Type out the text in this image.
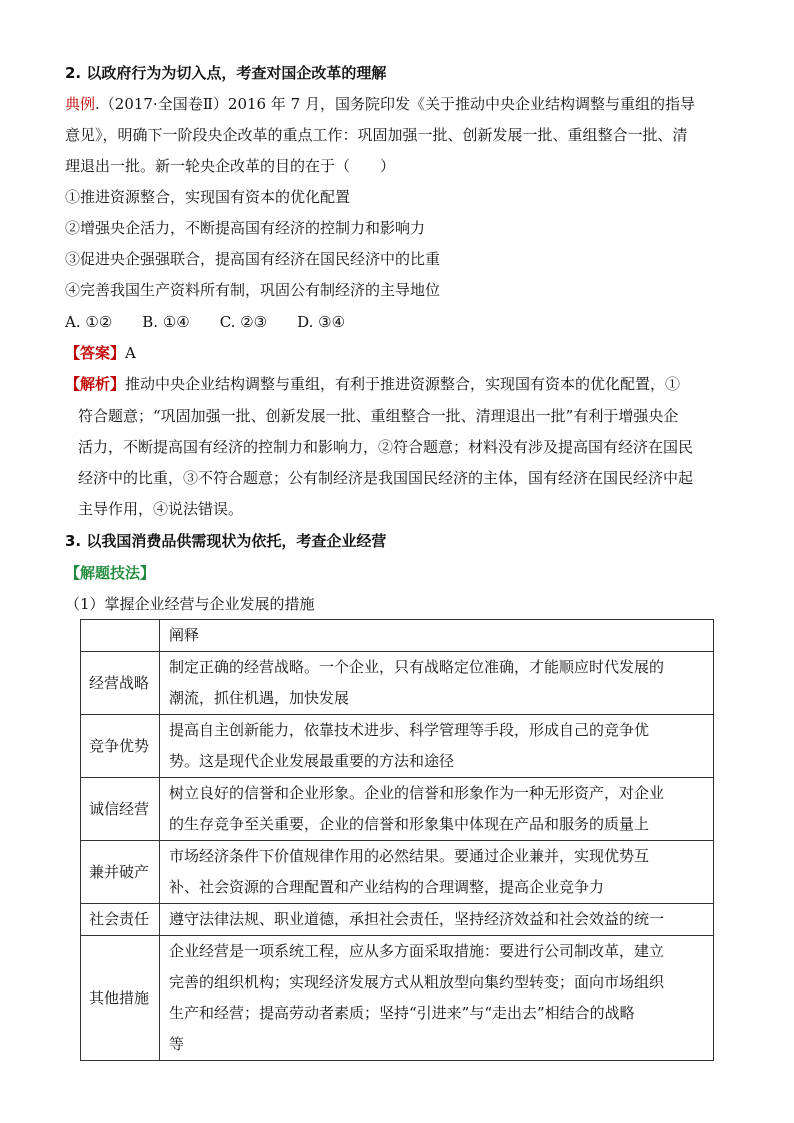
2. 以政府行为为切入点，考查对国企改革的理解
典例.（2017·全国卷Ⅱ）2016 年 7 月，国务院印发《关于推动中央企业结构调整与重组的指导
意见》，明确下一阶段央企改革的重点工作：巩固加强一批、创新发展一批、重组整合一批、清
理退出一批。新一轮央企改革的目的在于（　　）
①推进资源整合，实现国有资本的优化配置
②增强央企活力，不断提高国有经济的控制力和影响力
③促进央企强强联合，提高国有经济在国民经济中的比重
④完善我国生产资料所有制，巩固公有制经济的主导地位
A. ①②　　B. ①④　　C. ②③　　D. ③④
【答案】A
【解析】推动中央企业结构调整与重组，有利于推进资源整合，实现国有资本的优化配置，①
符合题意；“巩固加强一批、创新发展一批、重组整合一批、清理退出一批”有利于增强央企
活力，不断提高国有经济的控制力和影响力，②符合题意；材料没有涉及提高国有经济在国民
经济中的比重，③不符合题意；公有制经济是我国国民经济的主体，国有经济在国民经济中起
主导作用，④说法错误。
3. 以我国消费品供需现状为依托，考查企业经营
【解题技法】
（1）掌握企业经营与企业发展的措施
	阐释
经营战略	制定正确的经营战略。一个企业，只有战略定位准确，才能顺应时代发展的
潮流，抓住机遇，加快发展

竞争优势	提高自主创新能力，依靠技术进步、科学管理等手段，形成自己的竞争优
势。这是现代企业发展最重要的方法和途径

诚信经营	树立良好的信誉和企业形象。企业的信誉和形象作为一种无形资产，对企业
的生存竞争至关重要，企业的信誉和形象集中体现在产品和服务的质量上

兼并破产	市场经济条件下价值规律作用的必然结果。要通过企业兼并，实现优势互
补、社会资源的合理配置和产业结构的合理调整，提高企业竞争力

社会责任	遵守法律法规、职业道德，承担社会责任，坚持经济效益和社会效益的统一

其他措施	企业经营是一项系统工程，应从多方面采取措施：要进行公司制改革，建立
完善的组织机构；实现经济发展方式从粗放型向集约型转变；面向市场组织
生产和经营；提高劳动者素质；坚持“引进来”与“走出去”相结合的战略
等
